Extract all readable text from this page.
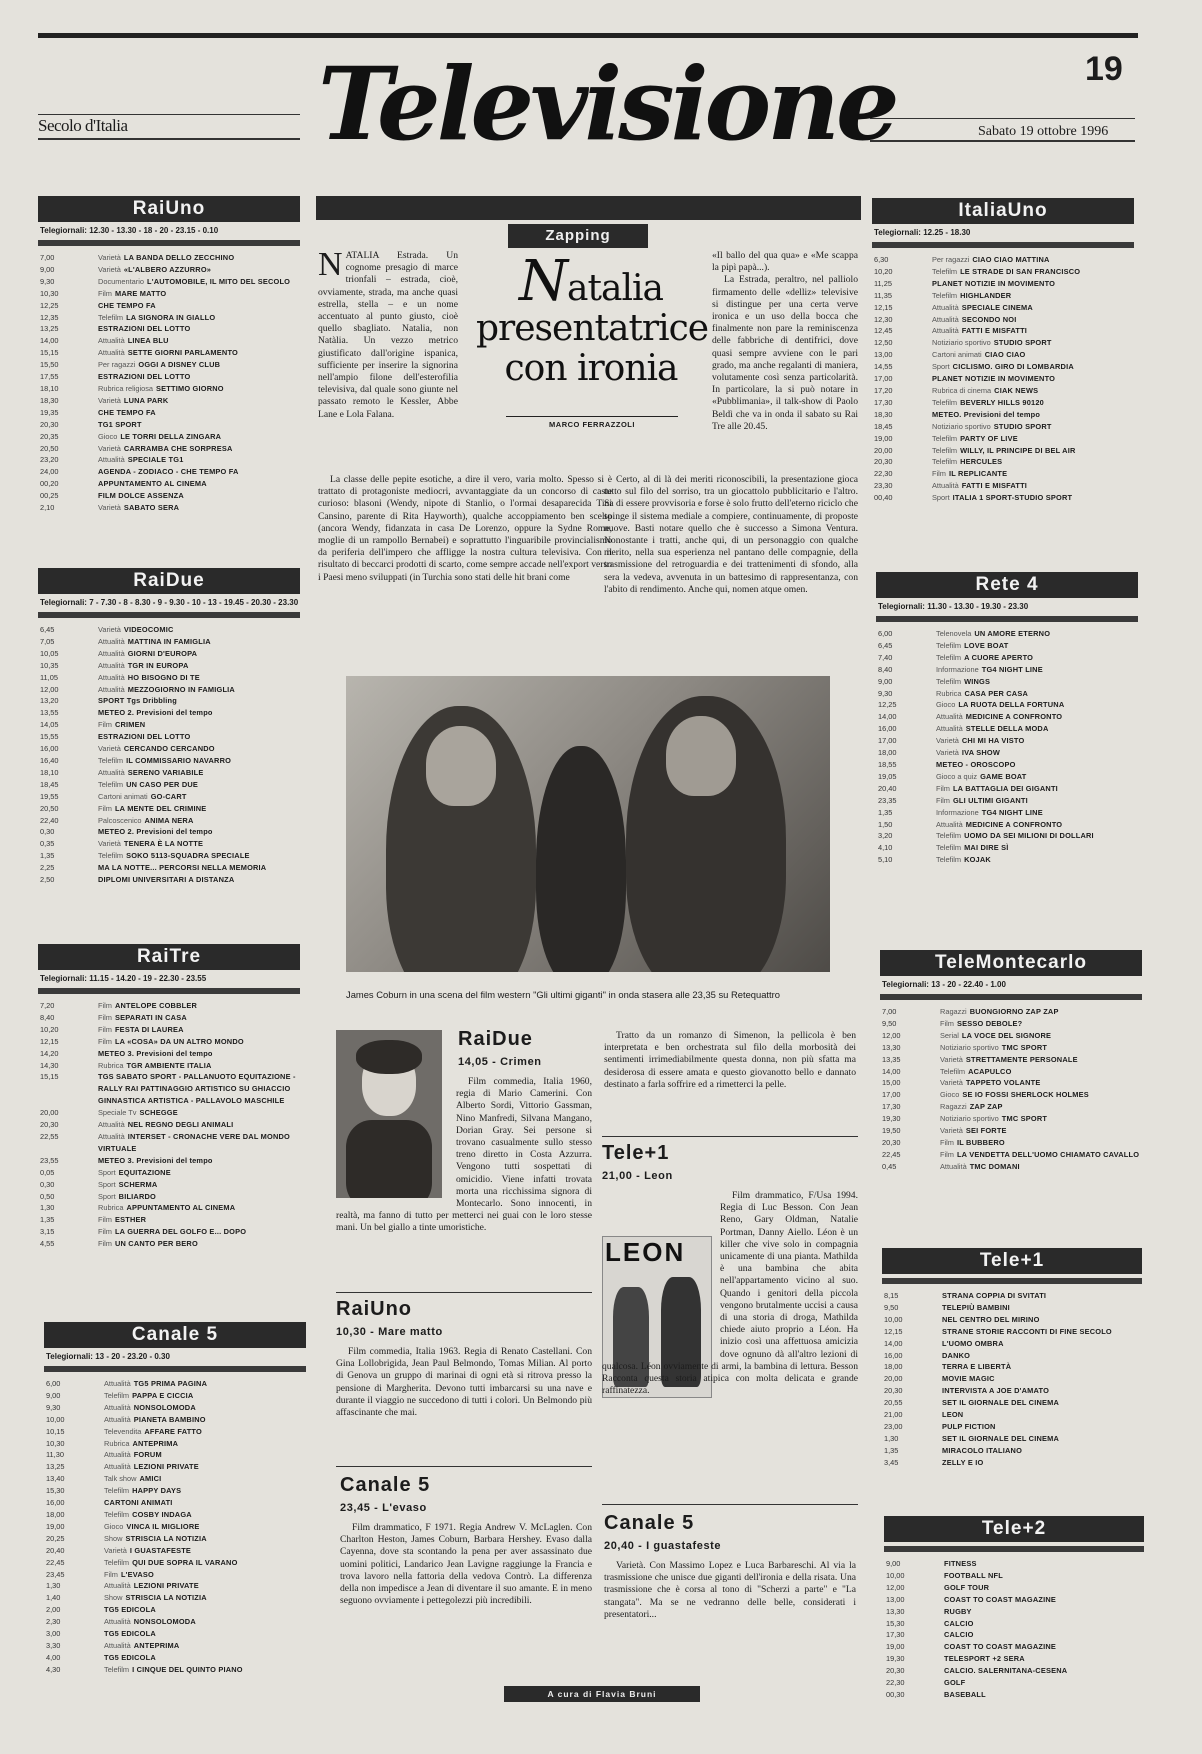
19
Secolo d'Italia Televisione	Sabato 19 ottobre 1996
RaiUno
Telegiornali: 12.30 - 13.30 - 18 - 20 - 23.15 - 0.10
7,00	Varietà LA BANDA DELLO ZECCHINO
9,00	Varietà «L'ALBERO AZZURRO»
9,30	Documentario L'AUTOMOBILE, IL MITO DEL SECOLO
10,30	Film MARE MATTO
12,25	CHE TEMPO FA
12,35	Telefilm LA SIGNORA IN GIALLO
13,25	ESTRAZIONI DEL LOTTO
14,00	Attualità LINEA BLU
15,15	Attualità SETTE GIORNI PARLAMENTO
15,50	Per ragazzi OGGI A DISNEY CLUB
17,55	ESTRAZIONI DEL LOTTO
18,10	Rubrica religiosa SETTIMO GIORNO
18,30	Varietà LUNA PARK
19,35	CHE TEMPO FA
20,30	TG1 SPORT
20,35	Gioco LE TORRI DELLA ZINGARA
20,50	Varietà CARRAMBA CHE SORPRESA
23,20	Attualità SPECIALE TG1
24,00	AGENDA - ZODIACO - CHE TEMPO FA
00,20	APPUNTAMENTO AL CINEMA
00,25	FILM DOLCE ASSENZA
2,10	Varietà SABATO SERA
RaiDue
Telegiornali: 7 - 7.30 - 8 - 8.30 - 9 - 9.30 - 10 - 13 - 19.45 - 20.30 - 23.30
6,45	Varietà VIDEOCOMIC
7,05	Attualità MATTINA IN FAMIGLIA
10,05	Attualità GIORNI D'EUROPA
10,35	Attualità TGR IN EUROPA
11,05	Attualità HO BISOGNO DI TE
12,00	Attualità MEZZOGIORNO IN FAMIGLIA
13,20	SPORT Tgs Dribbling
13,55	METEO 2. Previsioni del tempo
14,05	Film CRIMEN
15,55	ESTRAZIONI DEL LOTTO
16,00	Varietà CERCANDO CERCANDO
16,40	Telefilm IL COMMISSARIO NAVARRO
18,10	Attualità SERENO VARIABILE
18,45	Telefilm UN CASO PER DUE
19,55	Cartoni animati GO-CART
20,50	Film LA MENTE DEL CRIMINE
22,40	Palcoscenico ANIMA NERA
0,30	METEO 2. Previsioni del tempo
0,35	Varietà TENERA È LA NOTTE
1,35	Telefilm SOKO 5113-SQUADRA SPECIALE
2,25	MA LA NOTTE... PERCORSI NELLA MEMORIA
2,50	DIPLOMI UNIVERSITARI A DISTANZA
RaiTre
Telegiornali: 11.15 - 14.20 - 19 - 22.30 - 23.55
7,20	Film ANTELOPE COBBLER
8,40	Film SEPARATI IN CASA
10,20	Film FESTA DI LAUREA
12,15	Film LA «COSA» DA UN ALTRO MONDO
14,20	METEO 3. Previsioni del tempo
14,30	Rubrica TGR AMBIENTE ITALIA
15,15	TGS SABATO SPORT - PALLANUOTO EQUITAZIONE - RALLY RAI PATTINAGGIO ARTISTICO SU GHIACCIO GINNASTICA ARTISTICA - PALLAVOLO MASCHILE
20,00	Speciale Tv SCHEGGE
20,30	Attualità NEL REGNO DEGLI ANIMALI
22,55	Attualità INTERSET - CRONACHE VERE DAL MONDO VIRTUALE
23,55	METEO 3. Previsioni del tempo
0,05	Sport EQUITAZIONE
0,30	Sport SCHERMA
0,50	Sport BILIARDO
1,30	Rubrica APPUNTAMENTO AL CINEMA
1,35	Film ESTHER
3,15	Film LA GUERRA DEL GOLFO E... DOPO
4,55	Film UN CANTO PER BERO
Canale 5
Telegiornali: 13 - 20 - 23.20 - 0.30
6,00	Attualità TG5 PRIMA PAGINA
9,00	Telefilm PAPPA E CICCIA
9,30	Attualità NONSOLOMODA
10,00	Attualità PIANETA BAMBINO
10,15	Televendita AFFARE FATTO
10,30	Rubrica ANTEPRIMA
11,30	Attualità FORUM
13,25	Attualità LEZIONI PRIVATE
13,40	Talk show AMICI
15,30	Telefilm HAPPY DAYS
16,00	CARTONI ANIMATI
18,00	Telefilm COSBY INDAGA
19,00	Gioco VINCA IL MIGLIORE
20,25	Show STRISCIA LA NOTIZIA
20,40	Varietà I GUASTAFESTE
22,45	Telefilm QUI DUE SOPRA IL VARANO
23,45	Film L'EVASO
1,30	Attualità LEZIONI PRIVATE
1,40	Show STRISCIA LA NOTIZIA
2,00	TG5 EDICOLA
2,30	Attualità NONSOLOMODA
3,00	TG5 EDICOLA
3,30	Attualità ANTEPRIMA
4,00	TG5 EDICOLA
4,30	Telefilm I CINQUE DEL QUINTO PIANO
ItaliaUno
Telegiornali: 12.25 - 18.30
6,30	Per ragazzi CIAO CIAO MATTINA
10,20	Telefilm LE STRADE DI SAN FRANCISCO
11,25	PLANET NOTIZIE IN MOVIMENTO
11,35	Telefilm HIGHLANDER
12,15	Attualità SPECIALE CINEMA
12,30	Attualità SECONDO NOI
12,45	Attualità FATTI E MISFATTI
12,50	Notiziario sportivo STUDIO SPORT
13,00	Cartoni animati CIAO CIAO
14,55	Sport CICLISMO. GIRO DI LOMBARDIA
17,00	PLANET NOTIZIE IN MOVIMENTO
17,20	Rubrica di cinema CIAK NEWS
17,30	Telefilm BEVERLY HILLS 90120
18,30	METEO. Previsioni del tempo
18,45	Notiziario sportivo STUDIO SPORT
19,00	Telefilm PARTY OF LIVE
20,00	Telefilm WILLY, IL PRINCIPE DI BEL AIR
20,30	Telefilm HERCULES
22,30	Film IL REPLICANTE
23,30	Attualità FATTI E MISFATTI
00,40	Sport ITALIA 1 SPORT-STUDIO SPORT
Rete 4
Telegiornali: 11.30 - 13.30 - 19.30 - 23.30
6,00	Telenovela UN AMORE ETERNO
6,45	Telefilm LOVE BOAT
7,40	Telefilm A CUORE APERTO
8,40	Informazione TG4 NIGHT LINE
9,00	Telefilm WINGS
9,30	Rubrica CASA PER CASA
12,25	Gioco LA RUOTA DELLA FORTUNA
14,00	Attualità MEDICINE A CONFRONTO
16,00	Attualità STELLE DELLA MODA
17,00	Varietà CHI MI HA VISTO
18,00	Varietà IVA SHOW
18,55	METEO - OROSCOPO
19,05	Gioco a quiz GAME BOAT
20,40	Film LA BATTAGLIA DEI GIGANTI
23,35	Film GLI ULTIMI GIGANTI
1,35	Informazione TG4 NIGHT LINE
1,50	Attualità MEDICINE A CONFRONTO
3,20	Telefilm UOMO DA SEI MILIONI DI DOLLARI
4,10	Telefilm MAI DIRE SÌ
5,10	Telefilm KOJAK
TeleMontecarlo
Telegiornali: 13 - 20 - 22.40 - 1.00
7,00	Ragazzi BUONGIORNO ZAP ZAP
9,50	Film SESSO DEBOLE?
12,00	Serial LA VOCE DEL SIGNORE
13,30	Notiziario sportivo TMC SPORT
13,35	Varietà STRETTAMENTE PERSONALE
14,00	Telefilm ACAPULCO
15,00	Varietà TAPPETO VOLANTE
17,00	Gioco SE IO FOSSI SHERLOCK HOLMES
17,30	Ragazzi ZAP ZAP
19,30	Notiziario sportivo TMC SPORT
19,50	Varietà SEI FORTE
20,30	Film IL BUBBERO
22,45	Film LA VENDETTA DELL'UOMO CHIAMATO CAVALLO
0,45	Attualità TMC DOMANI
Tele+1
8,15	STRANA COPPIA DI SVITATI
9,50	TELEPIÙ BAMBINI
10,00	NEL CENTRO DEL MIRINO
12,15	STRANE STORIE RACCONTI DI FINE SECOLO
14,00	L'UOMO OMBRA
16,00	DANKO
18,00	TERRA E LIBERTÀ
20,00	MOVIE MAGIC
20,30	INTERVISTA A JOE D'AMATO
20,55	SET IL GIORNALE DEL CINEMA
21,00	LEON
23,00	PULP FICTION
1,30	SET IL GIORNALE DEL CINEMA
1,35	MIRACOLO ITALIANO
3,45	ZELLY E IO
Tele+2
9,00	FITNESS
10,00	FOOTBALL NFL
12,00	GOLF TOUR
13,00	COAST TO COAST MAGAZINE
13,30	RUGBY
15,30	CALCIO
17,30	CALCIO
19,00	COAST TO COAST MAGAZINE
19,30	TELESPORT +2 SERA
20,30	CALCIO. SALERNITANA-CESENA
22,30	GOLF
00,30	BASEBALL
Zapping
N ATALIA Estrada. Un cognome presagio di marce trionfali – estrada, cioè, ovviamente, strada, ma anche quasi estrella, stella – e un nome accentuato al punto giusto, cioè quello sbagliato. Natalia, non Natàlia. Un vezzo metrico giustificato dall'origine ispanica, sufficiente per inserire la signorina nell'ampio filone dell'esterofilia televisiva, dal quale sono giunte nel passato remoto le Kessler, Abbe Lane e Lola Falana.

La classe delle pepite esotiche, a dire il vero, varia molto. Spesso si è trattato di protagoniste mediocri, avvantaggiate da un concorso di caste curioso: blasoni (Wendy, nipote di Stanlio, o l'ormai desaparecida Tini Cansino, parente di Rita Hayworth), qualche accoppiamento ben scelto (ancora Wendy, fidanzata in casa De Lorenzo, oppure la Sydne Rome, moglie di un rampollo Bernabei) e soprattutto l'inguaribile provincialismo da periferia dell'impero che affligge la nostra cultura televisiva. Con il risultato di beccarci prodotti di scarto, come sempre accade nell'export verso i Paesi meno sviluppati (in Turchia sono stati delle hit brani come

Natalia
presentatrice
con ironia
MARCO FERRAZZOLI
«Il ballo del qua qua» e «Me scappa la pipì papà...).

La Estrada, peraltro, nel palliolo firmamento delle «delliz» televisive si distingue per una certa verve ironica e un uso della bocca che finalmente non pare la reminiscenza delle fabbriche di dentifrici, dove quasi sempre avviene con le pari grado, ma anche regalanti di maniera, volutamente così senza particolarità. In particolare, la si può notare in «Pubblimania», il talk-show di Paolo Beldì che va in onda il sabato su Rai Tre alle 20.45.

Certo, al di là dei meriti riconoscibili, la presentazione gioca tutto sul filo del sorriso, tra un giocattolo pubblicitario e l'altro. Sa di essere provvisoria e forse è solo frutto dell'eterno riciclo che spinge il sistema mediale a compiere, continuamente, di proposte nuove. Basti notare quello che è successo a Simona Ventura. Nonostante i tratti, anche qui, di un personaggio con qualche merito, nella sua esperienza nel pantano delle compagnie, della trasmissione del retroguardia e dei trattenimenti di sfondo, alla sera la vedeva, avvenuta in un battesimo di rappresentanza, con l'abito di rendimento. Anche qui, nomen atque omen.

James Coburn in una scena del film western "Gli ultimi giganti" in onda stasera alle 23,35 su Retequattro
RaiDue
14,05 - Crimen

Film commedia, Italia 1960, regia di Mario Camerini. Con Alberto Sordi, Vittorio Gassman, Nino Manfredi, Silvana Mangano, Dorian Gray. Sei persone si trovano casualmente sullo stesso treno diretto in Costa Azzurra. Vengono tutti sospettati di omicidio. Viene infatti trovata morta una ricchissima signora di Montecarlo. Sono innocenti, in realtà, ma fanno di tutto per metterci nei guai con le loro stesse mani. Un bel giallo a tinte umoristiche.

Tratto da un romanzo di Simenon, la pellicola è ben interpretata e ben orchestrata sul filo della morbosità dei sentimenti irrimediabilmente questa donna, non più sfatta ma desiderosa di essere amata e questo giovanotto bello e dannato destinato a farla soffrire ed a rimetterci la pelle.

RaiUno
10,30 - Mare matto

Film commedia, Italia 1963. Regia di Renato Castellani. Con Gina Lollobrigida, Jean Paul Belmondo, Tomas Milian. Al porto di Genova un gruppo di marinai di ogni età si ritrova presso la pensione di Margherita. Devono tutti imbarcarsi su una nave e durante il viaggio ne succedono di tutti i colori. Un Belmondo più affascinante che mai.

Canale 5
23,45 - L'evaso

Film drammatico, F 1971. Regia Andrew V. McLaglen. Con Charlton Heston, James Coburn, Barbara Hershey. Evaso dalla Cayenna, dove sta scontando la pena per aver assassinato due uomini politici, Landarico Jean Lavigne raggiunge la Francia e trova lavoro nella fattoria della vedova Contrò. La differenza della non impedisce a Jean di diventare il suo amante. E in meno seguono ovviamente i pettegolezzi più incredibili.

Tele+1
21,00 - Leon
LEON

Film drammatico, F/Usa 1994. Regia di Luc Besson. Con Jean Reno, Gary Oldman, Natalie Portman, Danny Aiello. Léon è un killer che vive solo in compagnia unicamente di una pianta. Mathilda è una bambina che abita nell'appartamento vicino al suo. Quando i genitori della piccola vengono brutalmente uccisi a causa di una storia di droga, Mathilda chiede aiuto proprio a Léon. Ha inizio così una affettuosa amicizia dove ognuno dà all'altro lezioni di qualcosa. Léon ovviamente di armi, la bambina di lettura. Besson Racconta questa storia atipica con molta delicata e grande raffinatezza.

Canale 5
20,40 - I guastafeste

Varietà. Con Massimo Lopez e Luca Barbareschi. Al via la trasmissione che unisce due giganti dell'ironia e della risata. Una trasmissione che è corsa al tono di "Scherzi a parte" e "La stangata". Ma se ne vedranno delle belle, considerati i presentatori...

A cura di Flavia Bruni
